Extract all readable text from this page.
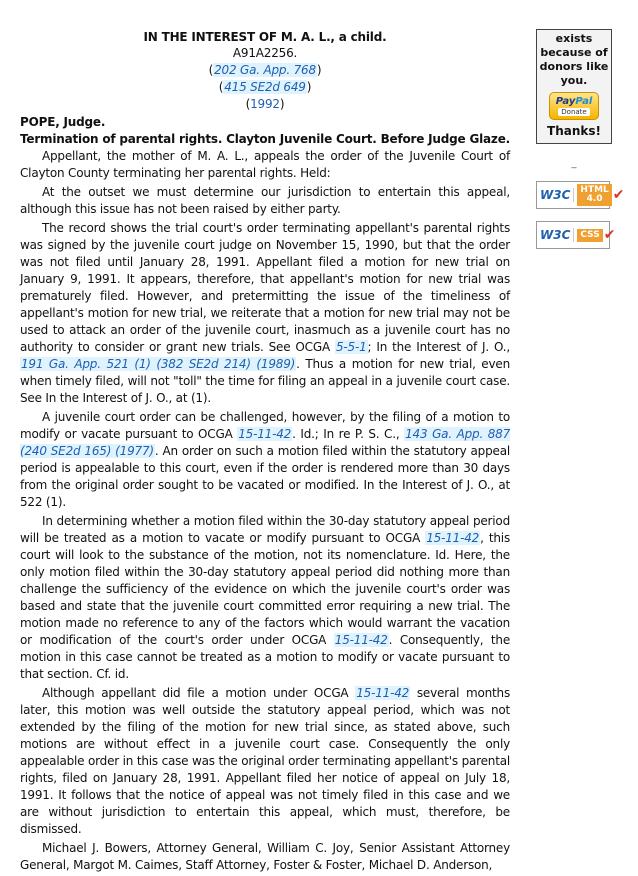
IN THE INTEREST OF M. A. L., a child.
A91A2256.
(202 Ga. App. 768)
(415 SE2d 649)
(1992)
POPE, Judge.
Termination of parental rights. Clayton Juvenile Court. Before Judge Glaze.

Appellant, the mother of M. A. L., appeals the order of the Juvenile Court of Clayton County terminating her parental rights. Held:

At the outset we must determine our jurisdiction to entertain this appeal, although this issue has not been raised by either party.

The record shows the trial court's order terminating appellant's parental rights was signed by the juvenile court judge on November 15, 1990, but that the order was not filed until January 28, 1991. Appellant filed a motion for new trial on January 9, 1991. It appears, therefore, that appellant's motion for new trial was prematurely filed. However, and pretermitting the issue of the timeliness of appellant's motion for new trial, we reiterate that a motion for new trial may not be used to attack an order of the juvenile court, inasmuch as a juvenile court has no authority to consider or grant new trials. See OCGA 5-5-1; In the Interest of J. O., 191 Ga. App. 521 (1) (382 SE2d 214) (1989). Thus a motion for new trial, even when timely filed, will not "toll" the time for filing an appeal in a juvenile court case. See In the Interest of J. O., at (1).

A juvenile court order can be challenged, however, by the filing of a motion to modify or vacate pursuant to OCGA 15-11-42. Id.; In re P. S. C., 143 Ga. App. 887 (240 SE2d 165) (1977). An order on such a motion filed within the statutory appeal period is appealable to this court, even if the order is rendered more than 30 days from the original order sought to be vacated or modified. In the Interest of J. O., at 522 (1).

In determining whether a motion filed within the 30-day statutory appeal period will be treated as a motion to vacate or modify pursuant to OCGA 15-11-42, this court will look to the substance of the motion, not its nomenclature. Id. Here, the only motion filed within the 30-day statutory appeal period did nothing more than challenge the sufficiency of the evidence on which the juvenile court's order was based and state that the juvenile court committed error requiring a new trial. The motion made no reference to any of the factors which would warrant the vacation or modification of the court's order under OCGA 15-11-42. Consequently, the motion in this case cannot be treated as a motion to modify or vacate pursuant to that section. Cf. id.

Although appellant did file a motion under OCGA 15-11-42 several months later, this motion was well outside the statutory appeal period, which was not extended by the filing of the motion for new trial since, as stated above, such motions are without effect in a juvenile court case. Consequently the only appealable order in this case was the original order terminating appellant's parental rights, filed on January 28, 1991. Appellant filed her notice of appeal on July 18, 1991. It follows that the notice of appeal was not timely filed in this case and we are without jurisdiction to entertain this appeal, which must, therefore, be dismissed.

Michael J. Bowers, Attorney General, William C. Joy, Senior Assistant Attorney General, Margot M. Caimes, Staff Attorney, Foster & Foster, Michael D. Anderson,

exists because of donors like you.
PayPal
Donate
Thanks!
_
W3C	HTML 4.0 ✔
W3C	CSS ✔
